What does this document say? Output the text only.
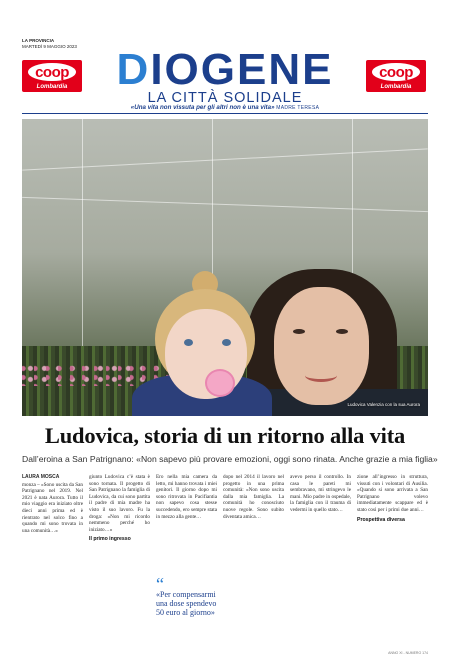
LA PROVINCIA
MARTEDÌ 9 MAGGIO 2023
coop
Lombardia
coop
Lombardia
DIOGENE
LA CITTÀ SOLIDALE
«Una vita non vissuta per gli altri non è una vita» MADRE TERESA
Ludovica Valenzia con la sua Aurora
Ludovica, storia di un ritorno alla vita
Dall’eroina a San Patrignano: «Non sapevo più provare emozioni, oggi sono rinata. Anche grazie a mia figlia»
LAURA MOSCA
monza – «Sono uscita da San Patrignano nel 2019. Nel 2021 è nata Aurora. Tutto il mio viaggio era iniziato oltre dieci anni prima ed è rientrato nel solco fino a quando mi sono trovata in una comunità…»
giunto Ludovica c’è stata è sono tornata. Il progetto di San Patrignano la famiglia di Ludovica, da cui sono partita il padre di mia madre ha visto il suo lavoro. Fu la droga: «Non mi ricordo nemmeno perché ho iniziato…»
Il primo ingresso
Ero nella mia camera da letto, mi hanno trovata i miei genitori. Il giorno dopo mi sono ritrovata in Pacifiantia non sapevo cosa stesse succedendo, ero sempre stata in mezzo alla gente…
“
«Per compensarmi una dose spendevo 50 euro al giorno»
dopo nel 2014 il lavoro nel progetto in una prima comunità: «Non sono uscita dalla mia famiglia. La comunità ho conosciuto nuove regole. Sono subito diventata amica…
avevo perso il controllo. In casa le pareti mi sembravano, mi stringevo le mani. Mio padre in ospedale, la famiglia con il trauma di vedermi in quello stato…
zione all’ingresso in struttura, vissuti con i volontari di Ausilia. «Quando si sono arrivata a San Patrignano volevo immediatamente scappare ed è stato così per i primi due anni…
Prospettiva diversa
ANNO XI - NUMERO 174
